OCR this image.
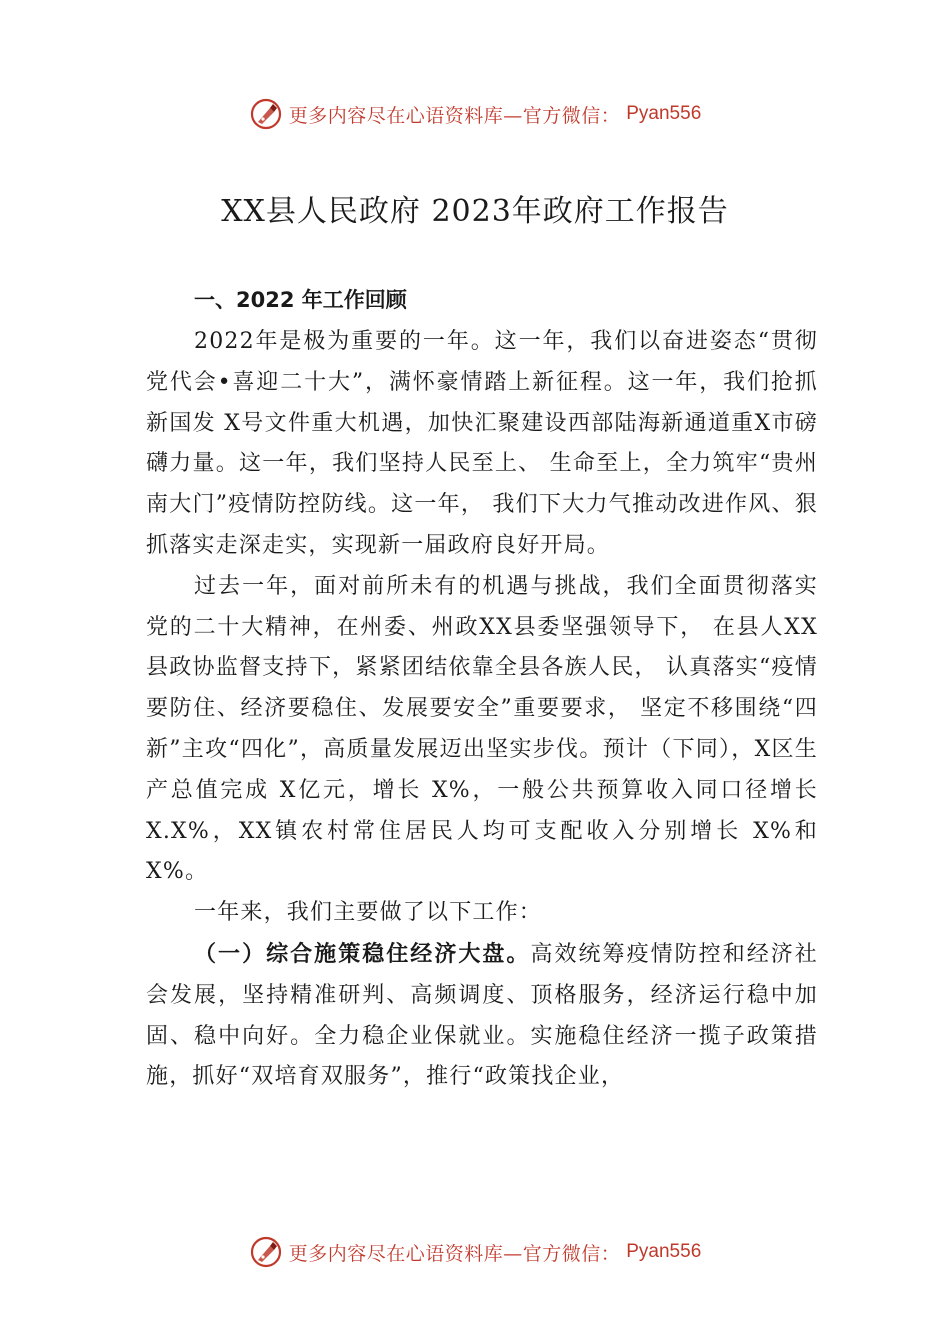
更多内容尽在心语资料库—官方微信： Pyan556
XX县人民政府 2023年政府工作报告

一、2022 年工作回顾

2022年是极为重要的一年。这一年，我们以奋进姿态“贯彻党代会•喜迎二十大”，满怀豪情踏上新征程。这一年，我们抢抓新国发 X号文件重大机遇，加快汇聚建设西部陆海新通道重X市磅礴力量。这一年，我们坚持人民至上、 生命至上，全力筑牢“贵州南大门”疫情防控防线。这一年， 我们下大力气推动改进作风、狠抓落实走深走实，实现新一届政府良好开局。

过去一年，面对前所未有的机遇与挑战，我们全面贯彻落实党的二十大精神，在州委、州政XX县委坚强领导下， 在县人XX县政协监督支持下，紧紧团结依靠全县各族人民， 认真落实“疫情要防住、经济要稳住、发展要安全”重要要求， 坚定不移围绕“四新”主攻“四化”，高质量发展迈出坚实步伐。预计（下同），X区生产总值完成 X亿元，增长 X%，一般公共预算收入同口径增长 X.X%，XX镇农村常住居民人均可支配收入分别增长 X%和 X%。

一年来，我们主要做了以下工作：

（一）综合施策稳住经济大盘。高效统筹疫情防控和经济社会发展，坚持精准研判、高频调度、顶格服务，经济运行稳中加固、稳中向好。全力稳企业保就业。实施稳住经济一揽子政策措施，抓好“双培育双服务”，推行“政策找企业，

更多内容尽在心语资料库—官方微信： Pyan556
